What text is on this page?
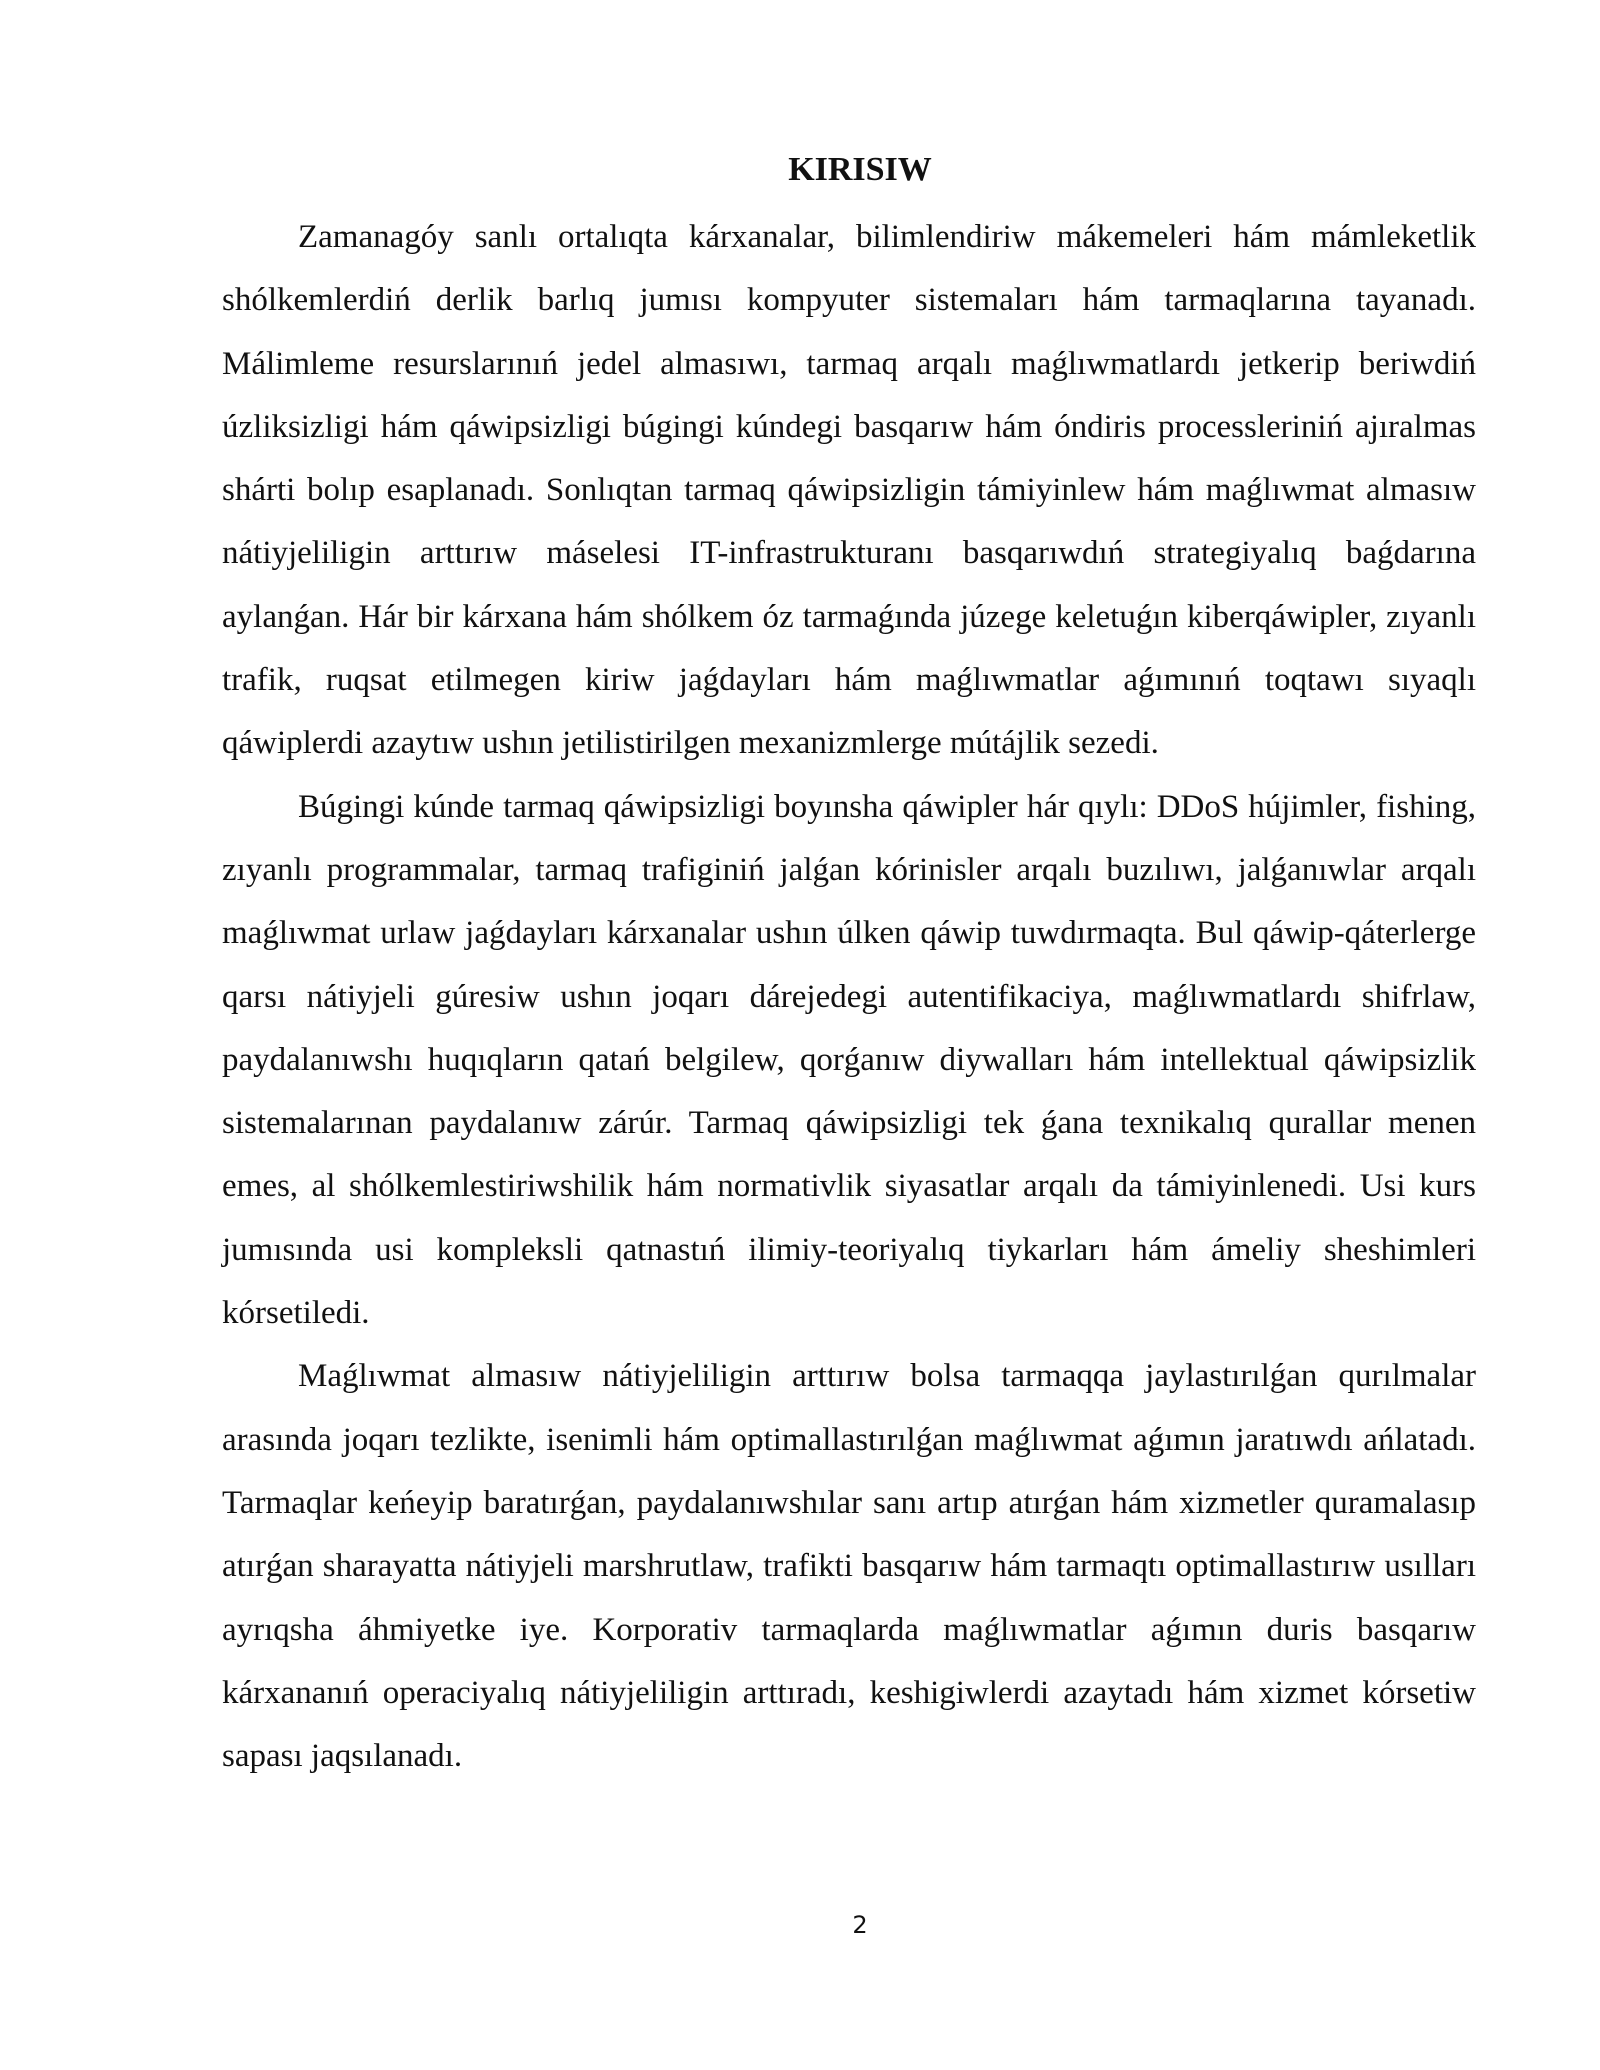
KIRISIW

Zamanagóy sanlı ortalıqta kárxanalar, bilimlendiriw mákemeleri hám mámleketlik shólkemlerdiń derlik barlıq jumısı kompyuter sistemaları hám tarmaqlarına tayanadı. Málimleme resurslarınıń jedel almasıwı, tarmaq arqalı maǵlıwmatlardı jetkerip beriwdiń úzliksizligi hám qáwipsizligi búgingi kúndegi basqarıw hám óndiris processleriniń ajıralmas shárti bolıp esaplanadı. Sonlıqtan tarmaq qáwipsizligin támiyinlew hám maǵlıwmat almasıw nátiyjeliligin arttırıw máselesi IT-infrastrukturanı basqarıwdıń strategiyalıq baǵdarına aylanǵan. Hár bir kárxana hám shólkem óz tarmaǵında júzege keletuǵın kiberqáwipler, zıyanlı trafik, ruqsat etilmegen kiriw jaǵdayları hám maǵlıwmatlar aǵımınıń toqtawı sıyaqlı qáwiplerdi azaytıw ushın jetilistirilgen mexanizmlerge mútájlik sezedi.

Búgingi kúnde tarmaq qáwipsizligi boyınsha qáwipler hár qıylı: DDoS hújimler, fishing, zıyanlı programmalar, tarmaq trafiginiń jalǵan kórinisler arqalı buzılıwı, jalǵanıwlar arqalı maǵlıwmat urlaw jaǵdayları kárxanalar ushın úlken qáwip tuwdırmaqta. Bul qáwip-qáterlerge qarsı nátiyjeli gúresiw ushın joqarı dárejedegi autentifikaciya, maǵlıwmatlardı shifrlaw, paydalanıwshı huqıqların qatań belgilew, qorǵanıw diywalları hám intellektual qáwipsizlik sistemalarınan paydalanıw zárúr. Tarmaq qáwipsizligi tek ǵana texnikalıq qurallar menen emes, al shólkemlestiriwshilik hám normativlik siyasatlar arqalı da támiyinlenedi. Usi kurs jumısında usi kompleksli qatnastıń ilimiy-teoriyalıq tiykarları hám ámeliy sheshimleri kórsetiledi.

Maǵlıwmat almasıw nátiyjeliligin arttırıw bolsa tarmaqqa jaylastırılǵan qurılmalar arasında joqarı tezlikte, isenimli hám optimallastırılǵan maǵlıwmat aǵımın jaratıwdı ańlatadı. Tarmaqlar keńeyip baratırǵan, paydalanıwshılar sanı artıp atırǵan hám xizmetler quramalasıp atırǵan sharayatta nátiyjeli marshrutlaw, trafikti basqarıw hám tarmaqtı optimallastırıw usılları ayrıqsha áhmiyetke iye. Korporativ tarmaqlarda maǵlıwmatlar aǵımın duris basqarıw kárxananıń operaciyalıq nátiyjeliligin arttıradı, keshigiwlerdi azaytadı hám xizmet kórsetiw sapası jaqsılanadı.

2
